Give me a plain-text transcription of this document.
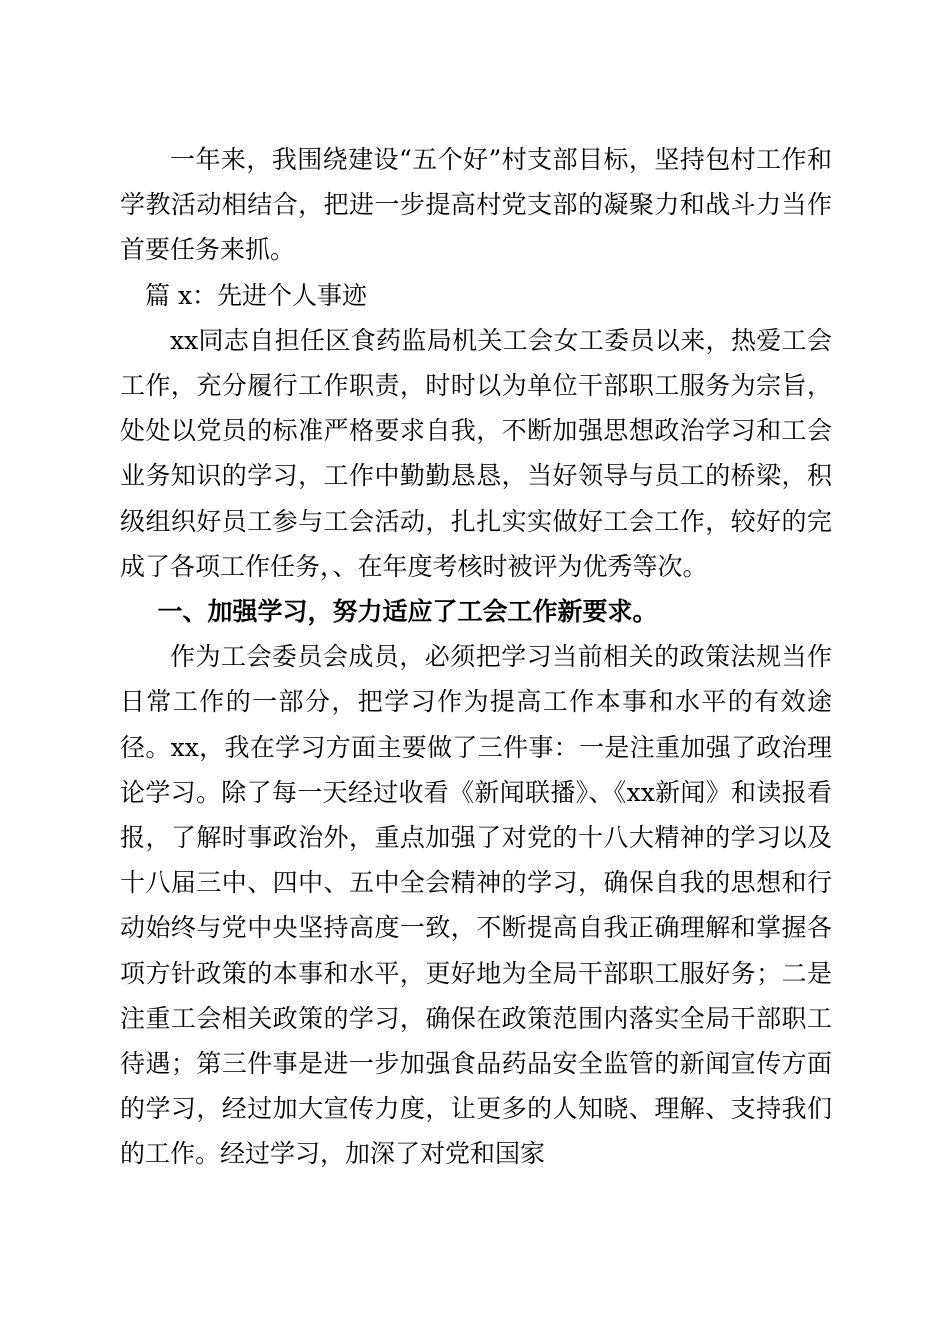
一年来，我围绕建设“五个好”村支部目标，坚持包村工作和学教活动相结合，把进一步提高村党支部的凝聚力和战斗力当作首要任务来抓。

篇 x：先进个人事迹

xx同志自担任区食药监局机关工会女工委员以来，热爱工会工作，充分履行工作职责，时时以为单位干部职工服务为宗旨，处处以党员的标准严格要求自我，不断加强思想政治学习和工会业务知识的学习，工作中勤勤恳恳，当好领导与员工的桥梁，积级组织好员工参与工会活动，扎扎实实做好工会工作，较好的完成了各项工作任务，、在年度考核时被评为优秀等次。

一、加强学习，努力适应了工会工作新要求。

作为工会委员会成员，必须把学习当前相关的政策法规当作日常工作的一部分，把学习作为提高工作本事和水平的有效途径。xx，我在学习方面主要做了三件事：一是注重加强了政治理论学习。除了每一天经过收看《新闻联播》、《xx新闻》和读报看报，了解时事政治外，重点加强了对党的十八大精神的学习以及十八届三中、四中、五中全会精神的学习，确保自我的思想和行动始终与党中央坚持高度一致，不断提高自我正确理解和掌握各项方针政策的本事和水平，更好地为全局干部职工服好务；二是注重工会相关政策的学习，确保在政策范围内落实全局干部职工待遇；第三件事是进一步加强食品药品安全监管的新闻宣传方面的学习，经过加大宣传力度，让更多的人知晓、理解、支持我们的工作。经过学习，加深了对党和国家
